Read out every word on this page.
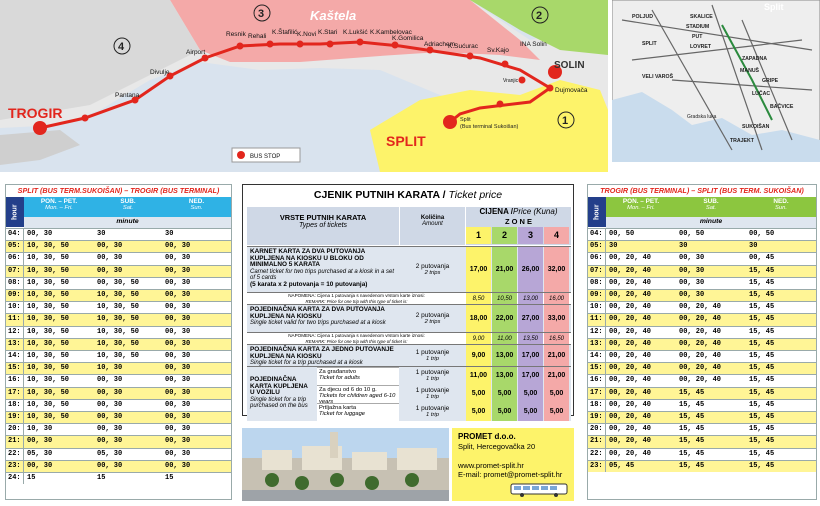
TROGIR
SOLIN
SPLIT
Split
(Bus terminal Sukoišan)
Kaštela
1
2
3
4
Pantana
Divulje
Airport
Resnik Rehali
K.Štafilić K.Novi K.Stari K.Lukšić K.Kambelovac
K.Gomilica
Adriachem
K.Sućurac
Sv.Kajo
INA Solin
Vranjic
Dujmovača
BUS STOP
Split
POLJUD	SKALICE
STADIUM
PUT
LOVRET
SPLIT
ZAPADNA
VELI VAROŠ
Gradska luka
LUČAC
BAČVICE
GRIPE
MANUŠ
SUKOIŠAN
TRAJEKT
SPLIT (BUS TERM.SUKOIŠAN) – TROGIR (BUS TERMINAL)
hour
PON. – PET.
Mon. – Fri.
SUB.
Sat.
NED.
Sun.
minute
04: 00, 30	30	30
05: 10, 30, 50	00, 30	00, 30
06: 10, 30, 50	00, 30	00, 30
07: 10, 30, 50	00, 30	00, 30
08: 10, 30, 50	00, 30, 50	00, 30
09: 10, 30, 50	10, 30, 50	00, 30
10: 10, 30, 50	10, 30, 50	00, 30
11: 10, 30, 50	10, 30, 50	00, 30
12: 10, 30, 50	10, 30, 50	00, 30
13: 10, 30, 50	10, 30, 50	00, 30
14: 10, 30, 50	10, 30, 50	00, 30
15: 10, 30, 50	10, 30	00, 30
16: 10, 30, 50	00, 30	00, 30
17: 10, 30, 50	00, 30	00, 30
18: 10, 30, 50	00, 30	00, 30
19: 10, 30, 50	00, 30	00, 30
20: 10, 30	00, 30	00, 30
21: 00, 30	00, 30	00, 30
22: 05, 30	05, 30	00, 30
23: 00, 30	00, 30	00, 30
24: 15	15	15
TROGIR (BUS TERMINAL) – SPLIT (BUS TERM. SUKOIŠAN)
hour
PON. – PET.
Mon. – Fri.
SUB.
Sat.
NED.
Sun.
minute
04: 00, 50	00, 50	00, 50
05: 30	30	30
06: 00, 20, 40	00, 30	00, 45
07: 00, 20, 40	00, 30	15, 45
08: 00, 20, 40	00, 30	15, 45
09: 00, 20, 40	00, 30	15, 45
10: 00, 20, 40	00, 20, 40	15, 45
11: 00, 20, 40	00, 20, 40	15, 45
12: 00, 20, 40	00, 20, 40	15, 45
13: 00, 20, 40	00, 20, 40	15, 45
14: 00, 20, 40	00, 20, 40	15, 45
15: 00, 20, 40	00, 20, 40	15, 45
16: 00, 20, 40	00, 20, 40	15, 45
17: 00, 20, 40	15, 45	15, 45
18: 00, 20, 40	15, 45	15, 45
19: 00, 20, 40	15, 45	15, 45
20: 00, 20, 40	15, 45	15, 45
21: 00, 20, 40	15, 45	15, 45
22: 00, 20, 40	15, 45	15, 45
23: 05, 45	15, 45	15, 45
CJENIK PUTNIH KARATA / Ticket price
VRSTE PUTNIH KARATA
Types of tickets
Količina
Amount
CIJENA /Price (Kuna)
Z O N E
1	2	3	4
KARNET KARTA ZA DVA PUTOVANJA KUPLJENA NA KIOSKU U BLOKU OD MINIMALNO 5 KARATA
Carnet ticket for two trips purchased at a kiosk in a set of 5 cards

(5 karata x 2 putovanja = 10 putovanja)
2 putovanja
2 trips	17,00	21,00	26,00	32,00
NAPOMENA: Cijena 1 putovanja s navedenom vrstom karte iznosi:
REMARK: Price for one trip with this type of ticket is:	8,50	10,50	13,00	16,00
POJEDINAČNA KARTA ZA DVA PUTOVANJA KUPLJENA NA KIOSKU
Single ticket valid for two trips purchased at a kiosk
2 putovanja
2 trips	18,00	22,00	27,00	33,00
NAPOMENA: Cijena 1 putovanja s navedenom vrstom karte iznosi:
REMARK: Price for one trip with this type of ticket is:	9,00	11,00	13,50	16,50
POJEDINAČNA KARTA ZA JEDNO PUTOVANJE KUPLJENA NA KIOSKU
Single ticket for a trip purchased at a kiosk
1 putovanje
1 trip	9,00	13,00	17,00	21,00
POJEDINAČNA KARTA KUPLJENA U VOZILU
Single ticket for a trip purchased on the bus
Za građanstvo
Ticket for adults
1 putovanje
1 trip	11,00	13,00	17,00	21,00
Za djecu od 6 do 10 g.
Tickets for children aged 6-10
1 putovanje
1 trip	5,00	5,00	5,00	5,00
Prtljažna karta
Ticket for luggage
1 putovanje
1 trip	5,00	5,00	5,00	5,00
PROMET d.o.o.
Split, Hercegovačka 20

www.promet-split.hr
E-mail: promet@promet-split.hr
